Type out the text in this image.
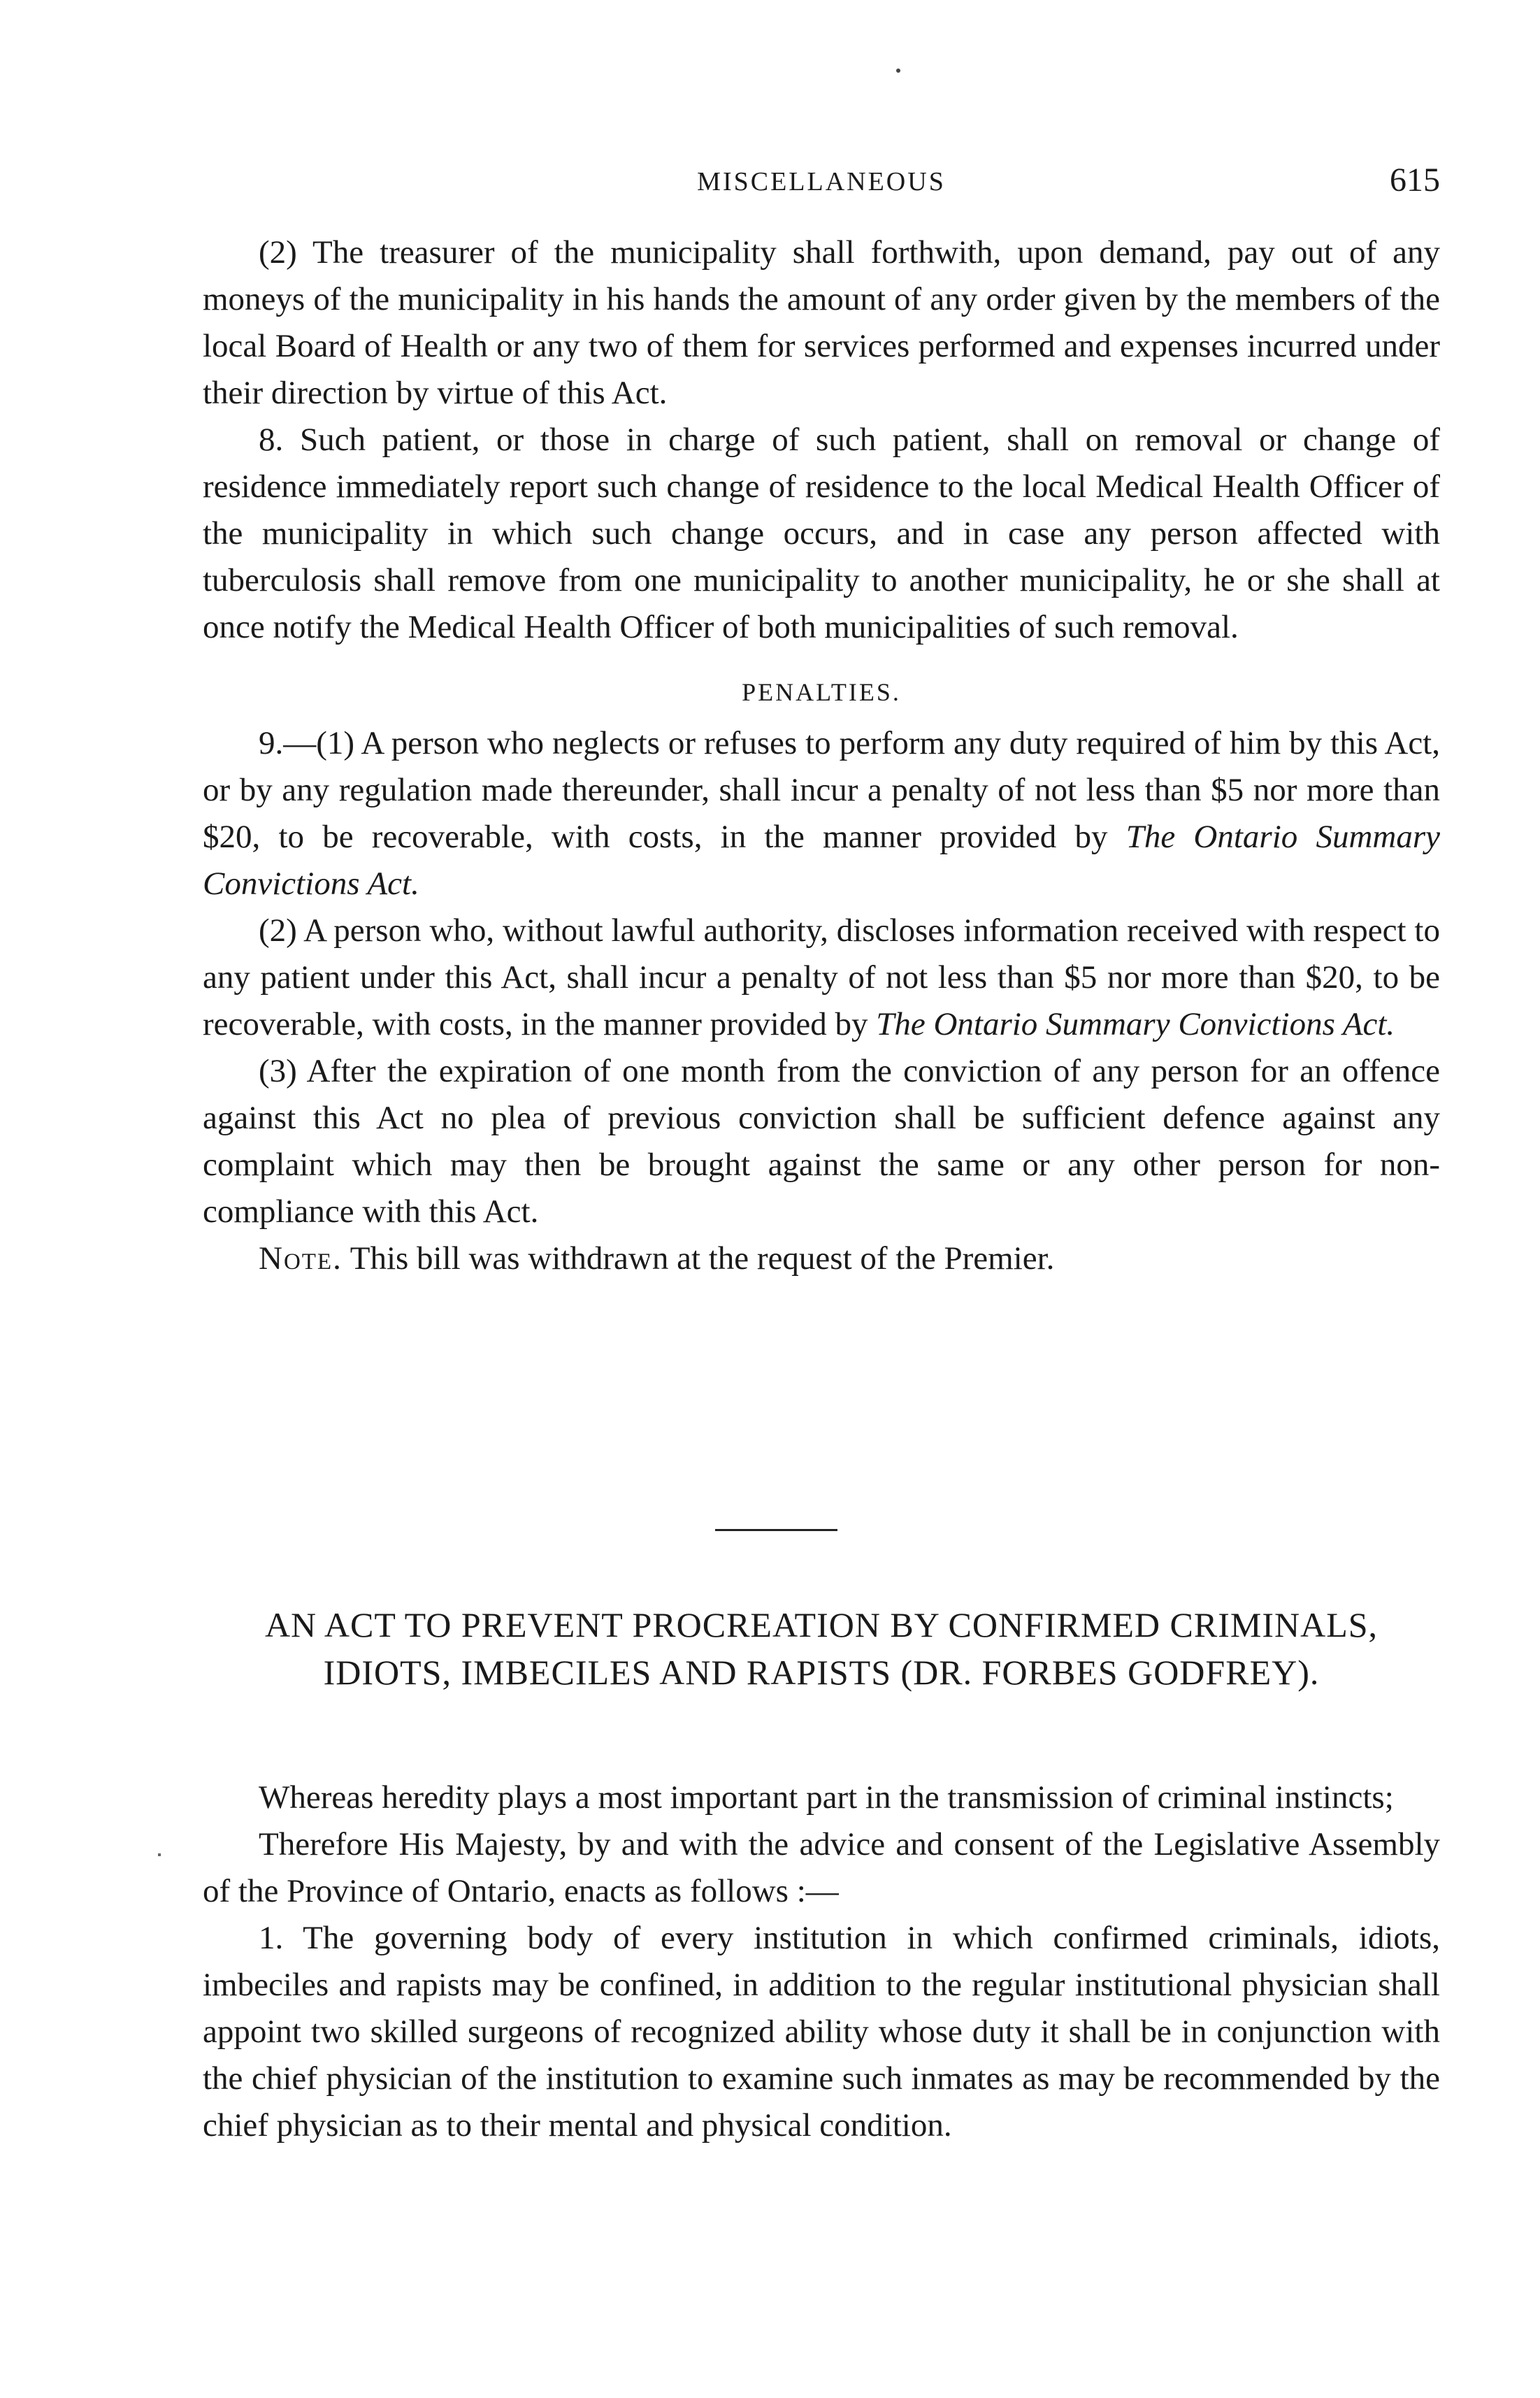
MISCELLANEOUS	615

(2) The treasurer of the municipality shall forthwith, upon demand, pay out of any moneys of the municipality in his hands the amount of any order given by the members of the local Board of Health or any two of them for services performed and expenses incurred under their direction by virtue of this Act.

8. Such patient, or those in charge of such patient, shall on removal or change of residence immediately report such change of residence to the local Medical Health Officer of the municipality in which such change occurs, and in case any person affected with tuberculosis shall remove from one municipality to another municipality, he or she shall at once notify the Medical Health Officer of both municipalities of such removal.

PENALTIES.

9.—(1) A person who neglects or refuses to perform any duty required of him by this Act, or by any regulation made thereunder, shall incur a penalty of not less than $5 nor more than $20, to be recoverable, with costs, in the manner provided by The Ontario Summary Convictions Act.

(2) A person who, without lawful authority, discloses information received with respect to any patient under this Act, shall incur a penalty of not less than $5 nor more than $20, to be recoverable, with costs, in the manner provided by The Ontario Summary Convictions Act.

(3) After the expiration of one month from the conviction of any person for an offence against this Act no plea of previous conviction shall be sufficient defence against any complaint which may then be brought against the same or any other person for non-compliance with this Act.

Note. This bill was withdrawn at the request of the Premier.

AN ACT TO PREVENT PROCREATION BY CONFIRMED CRIMINALS, IDIOTS, IMBECILES AND RAPISTS (DR. FORBES GODFREY).

Whereas heredity plays a most important part in the transmission of criminal instincts;

Therefore His Majesty, by and with the advice and consent of the Legislative Assembly of the Province of Ontario, enacts as follows :—

1. The governing body of every institution in which confirmed criminals, idiots, imbeciles and rapists may be confined, in addition to the regular institutional physician shall appoint two skilled surgeons of recognized ability whose duty it shall be in conjunction with the chief physician of the institution to examine such inmates as may be recommended by the chief physician as to their mental and physical condition.
